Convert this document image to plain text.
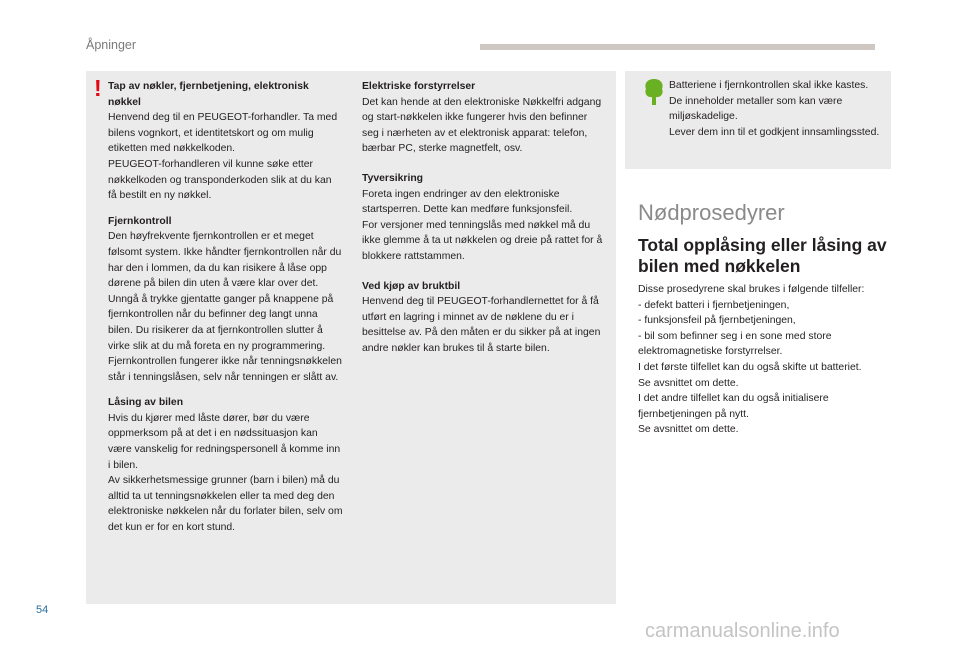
Åpninger
! Tap av nøkler, fjernbetjening, elektronisk nøkkel
Henvend deg til en PEUGEOT-forhandler. Ta med bilens vognkort, et identitetskort og om mulig etiketten med nøkkelkoden.
PEUGEOT-forhandleren vil kunne søke etter nøkkelkoden og transponderkoden slik at du kan få bestilt en ny nøkkel.

Fjernkontroll
Den høyfrekvente fjernkontrollen er et meget følsomt system. Ikke håndter fjernkontrollen når du har den i lommen, da du kan risikere å låse opp dørene på bilen din uten å være klar over det.
Unngå å trykke gjentatte ganger på knappene på fjernkontrollen når du befinner deg langt unna bilen. Du risikerer da at fjernkontrollen slutter å virke slik at du må foreta en ny programmering.
Fjernkontrollen fungerer ikke når tenningsnøkkelen står i tenningslåsen, selv når tenningen er slått av.

Låsing av bilen
Hvis du kjører med låste dører, bør du være oppmerksom på at det i en nødssituasjon kan være vanskelig for redningspersonell å komme inn i bilen.
Av sikkerhetsmessige grunner (barn i bilen) må du alltid ta ut tenningsnøkkelen eller ta med deg den elektroniske nøkkelen når du forlater bilen, selv om det kun er for en kort stund.

Elektriske forstyrrelser
Det kan hende at den elektroniske Nøkkelfri adgang og start-nøkkelen ikke fungerer hvis den befinner seg i nærheten av et elektronisk apparat: telefon, bærbar PC, sterke magnetfelt, osv.

Tyversikring
Foreta ingen endringer av den elektroniske startsperren. Dette kan medføre funksjonsfeil.
For versjoner med tenningslås med nøkkel må du ikke glemme å ta ut nøkkelen og dreie på rattet for å blokkere rattstammen.

Ved kjøp av bruktbil
Henvend deg til PEUGEOT-forhandlernettet for å få utført en lagring i minnet av de nøklene du er i besittelse av. På den måten er du sikker på at ingen andre nøkler kan brukes til å starte bilen.

Batteriene i fjernkontrollen skal ikke kastes. De inneholder metaller som kan være miljøskadelige.
Lever dem inn til et godkjent innsamlingssted.
Nødprosedyrer
Total opplåsing eller låsing av bilen med nøkkelen
Disse prosedyrene skal brukes i følgende tilfeller:
- defekt batteri i fjernbetjeningen,
- funksjonsfeil på fjernbetjeningen,
- bil som befinner seg i en sone med store
elektromagnetiske forstyrrelser.
I det første tilfellet kan du også skifte ut batteriet.
Se avsnittet om dette.
I det andre tilfellet kan du også initialisere fjernbetjeningen på nytt.
Se avsnittet om dette.
54
carmanualsonline.info
